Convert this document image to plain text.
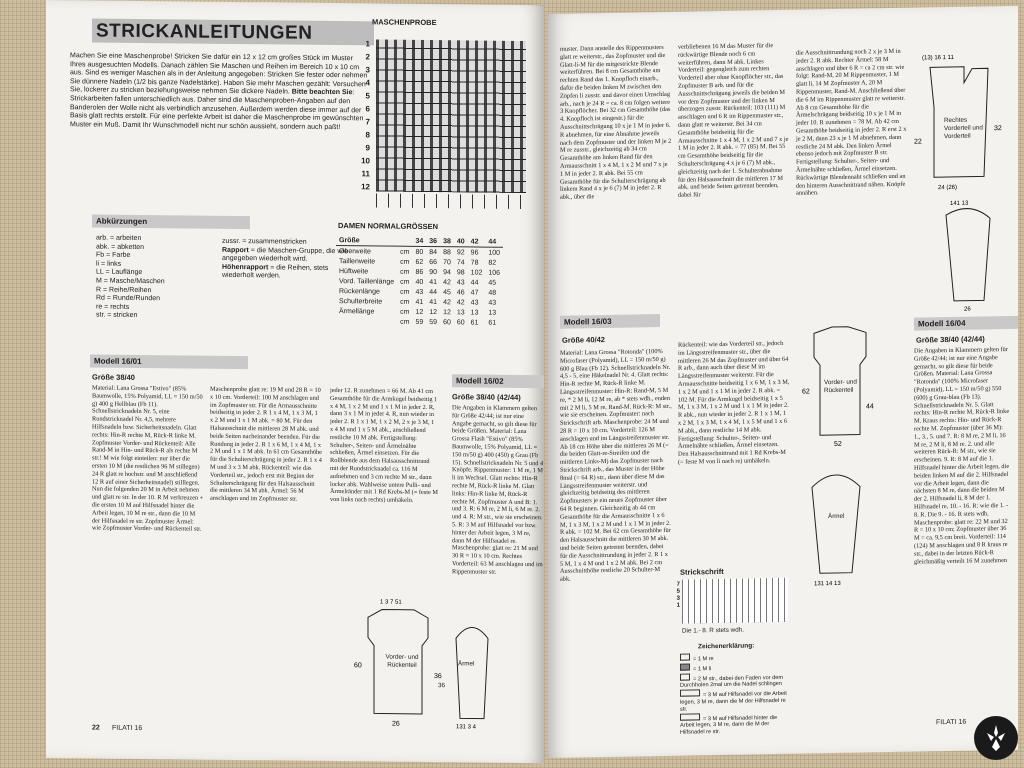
STRICKANLEITUNGEN
Machen Sie eine Maschenprobe! Stricken Sie dafür ein 12 x 12 cm großes Stück im Muster Ihres ausgesuchten Modells. Danach zählen Sie Maschen und Reihen im Bereich 10 x 10 cm aus. Sind es weniger Maschen als in der Anleitung angegeben: Stricken Sie fester oder nehmen Sie dünnere Nadeln (1/2 bis ganze Nadelstärke). Haben Sie mehr Maschen gezählt: Versuchen Sie, lockerer zu stricken beziehungsweise nehmen Sie dickere Nadeln. Bitte beachten Sie: Strickarbeiten fallen unterschiedlich aus. Daher sind die Maschenproben-Angaben auf den Banderolen der Wolle nicht als verbindlich anzusehen. Außerdem werden diese immer auf der Basis glatt rechts erstellt. Für eine perfekte Arbeit ist daher die Maschenprobe im gewünschten Muster ein Muß. Damit Ihr Wunschmodell nicht nur schön aussieht, sondern auch paßt!
MASCHENPROBE
1
2
3
4
5
6
7
8
9
10
11
12
Abkürzungen
arb. = arbeiten
abk. = abketten
Fb = Farbe
li = links
LL = Lauflänge
M = Masche/Maschen
R = Reihe/Reihen
Rd = Runde/Runden
re = rechts
str. = stricken
zussr. = zusammenstricken
Rapport = die Maschen-Gruppe, die wie angegeben wiederholt wird.
Höhenrapport = die Reihen, stets wiederholt werden.
DAMEN NORMALGRÖSSEN
Größe		34	36	38	40	42	44
Oberweite	cm	80	84	88	92	96	100
Taillenweite	cm	62	66	70	74	78	82
Hüftweite	cm	86	90	94	98	102	106
Vord. Taillenlänge	cm	40	41	42	43	44	45
Rückenlänge	cm	43	44	45	46	47	48
Schulterbreite	cm	41	41	42	42	43	43
Ärmellänge	cm	12	12	12	13	13	13
	cm	59	59	60	60	61	61
Modell 16/01
Größe 38/40
Material: Lana Grossa "Estivo" (85% Baumwolle, 15% Polyamid, LL = 150 m/50 g) 400 g Hellblau (Fb 11). Schnellstricknadeln Nr. 5, eine Rundstricknadel Nr. 4,5, mehrere Hilfsnadeln bzw. Sicherheitsnadeln. Glatt rechts: Hin-R rechte M, Rück-R linke M. Zopfmuster Vorder- und Rückenteil: Alle Rand-M in Hin- und Rück-R als rechte M str.! M wie folgt einteilen: nur über die ersten 10 M (die restlichen 96 M stillegen) 24 R glatt re hochstr. und M anschließend 12 R auf einer Sicherheitsnadel) stilllegen. Nun die folgenden 20 M in Arbeit nehmen und glatt re str. In der 10. R M verkreuzen + die ersten 10 M auf Hilfsnadel hinter die Arbeit legen, 10 M re str., dann die 10 M der Hilfsnadel re str. Zopfmuster Ärmel: wie Zopfmuster Vorder- und Rückenteil str.
Maschenprobe glatt re: 19 M und 28 R = 10 x 10 cm. Vorderteil: 100 M anschlagen und im Zopfmuster str. Für die Armausschnitte beidseitig in jeder 2. R 1 x 4 M, 1 x 3 M, 1 x 2 M und 1 x 1 M abk. = 80 M. Für den Halsausschnitt die mittleren 28 M abk. und beide Seiten nacheinander beenden. Für die Rundung in jeder 2. R 1 x 6 M, 1 x 4 M, 1 x 2 M und 1 x 1 M abk. In 61 cm Gesamthöhe für die Schulterschrägung in jeder 2. R 1 x 4 M und 3 x 3 M abk. Rückenteil: wie das Vorderteil str., jedoch erst mit Beginn der Schulterschrägung für den Halsausschnitt die mittleren 34 M abk. Ärmel: 56 M anschlagen und im Zopfmuster str.
jeder 12. R zunehmen = 66 M. Ab 41 cm Gesamthöhe für die Armkugel beidseitig 1 x 4 M, 1 x 2 M und 1 x 1 M in jeder 2. R, dann 3 x 1 M in jeder 4. R, nun wieder in jeder 2. R 1 x 1 M, 1 x 2 M, 2 x je 3 M, 1 x 4 M und 1 x 5 M abk., anschließend restliche 10 M abk. Fertigstellung: Schulter-, Seiten- und Ärmelnähte schließen, Ärmel einsetzen. Für die Rollblende aus dem Halsausschnittrand mit der Rundstricknadel ca. 116 M aufnehmen und 3 cm rechte M str., dann locker abk. Wahlweise untere Pulli- und Ärmelränder mit 1 Rd Krebs-M (= feste M von links nach rechts) umhäkeln.
Modell 16/02
Größe 38/40 (42/44)
Die Angaben in Klammern gelten für Größe 42/44; ist nur eine Angabe gemacht, so gilt diese für beide Größen. Material: Lana Grossa Flash "Estivo" (85% Baumwolle, 15% Polyamid, LL = 150 m/50 g) 400 (450) g Grau (Fb 15). Schnellstricknadeln Nr. 5 und 4 Knöpfe. Rippenmuster: 1 M re, 1 M li im Wechsel. Glatt rechts: Hin-R rechte M, Rück-R linke M. Glatt links: Hin-R linke M, Rück-R rechte M. Zopfmuster A und B: 1. und 3. R: 6 M re, 2 M li, 6 M re. 2. und 4. R: M str., wie sie erscheinen. 5. R: 3 M auf Hilfsnadel vor bzw. hinter der Arbeit legen, 3 M re, dann M der Hilfsnadel re. Maschenprobe: glatt re: 21 M und 30 R = 10 x 10 cm. Rechtes Vorderteil: 63 M anschlagen und im Rippenmuster str.
1 3 7 51
60
36
26
Vorder- und Rückenteil
131 3 4
Ärmel
36
22 FILATI 16
muster. Dann anstelle des Rippenmusters glatt re weiterstr., das Zopfmuster und die Glatt-li-M für die mitgestrickte Blende weiterführen. Bei 8 cm Gesamthöhe am rechten Rand das 1. Knopfloch einarb., dafür die beiden linken M zwischen den Zöpfen li zusstr. und davor einen Umschlag arb., nach je 24 R = ca. 8 cm folgen weitere 3 Knopflöcher. Bei 32 cm Gesamthöhe (das 4. Knopfloch ist eingestr.) für die Ausschnittschrägung 10 x je 1 M in jeder 6. R abnehmen, für eine Abnahme jeweils nach dem Zopfmuster und der linken M je 2 M re zusstr., gleichzeitig ab 34 cm Gesamthöhe am linken Rand für den Armausschnitt 1 x 4 M, 1 x 2 M und 7 x je 1 M in jeder 2. R abk. Bei 55 cm Gesamthöhe für die Schulterschrägung ab linkem Rand 4 x je 6 (7) M in jeder 2. R abk., über die
verbliebenen 16 M das Muster für die rückwärtige Blende noch 6 cm weiterführen, dann M abk. Linkes Vorderteil: gegengleich zum rechten Vorderteil aber ohne Knopflöcher str., das Zopfmuster B arb. und für die Ausschnittschrägung jeweils die beiden M vor dem Zopfmuster und der linken M überzogen zusstr. Rückenteil: 103 (111) M anschlagen und 6 R im Rippenmuster str., dann glatt re weiterstr. Bei 34 cm Gesamthöhe beidseitig für die Armausschnitte 1 x 4 M, 1 x 2 M und 7 x je 1 M in jeder 2. R abk. = 77 (85) M. Bei 55 cm Gesamthöhe beidseitig für die Schulterschrägung 4 x je 6 (7) M abk., gleichzeitig nach der 1. Schulterabnahme für den Halsausschnitt die mittleren 17 M abk. und beide Seiten getrennt beenden, dabei für
die Ausschnittrundung noch 2 x je 3 M in jeder 2. R abk. Rechter Ärmel: 58 M anschlagen und über 6 R = ca 2 cm str. wie folgt: Rand-M, 20 M Rippenmuster, 1 M glatt li, 14 M Zopfmuster A, 20 M Rippenmuster, Rand-M. Anschließend über die 6 M im Rippenmuster glatt re weiterstr. Ab 8 cm Gesamthöhe für die Ärmelschrägung beidseitig 10 x je 1 M in jeder 10. R zunehmen = 78 M. Ab 42 cm Gesamthöhe beidseitig in jeder 2. R erst 2 x je 2 M, dann 23 x je 1 M abnehmen, dann restliche 24 M abk. Den linken Ärmel ebenso jedoch mit Zopfmuster B str. Fertigstellung: Schulter-, Seiten- und Ärmelnähte schließen, Ärmel einsetzen. Rückwärtige Blendennaht schließen und an den hinteren Ausschnittrand nähen. Knöpfe annähen.
(13) 16 1 11
22
32
24 (26)
Rechtes Vorderteil und Vorderteil
141 13
26
Modell 16/03
Größe 40/42
Material: Lana Grossa "Rotonda" (100% Microfaser (Polyamid), LL = 150 m/50 g) 600 g Blau (Fb 12). Schnellstricknadeln Nr. 4,5 - 5, eine Häkelnadel Nr. 4. Glatt rechts: Hin-R rechte M, Rück-R linke M. Längsstreifenmuster: Hin-R: Rand-M, 5 M re, * 2 M li, 12 M re, ab * stets wdh., enden mit 2 M li, 5 M re, Rand-M. Rück-R: M str., wie sie erscheinen. Zopfmuster: nach Strickschrift arb. Maschenprobe: 24 M und 28 R = 10 x 10 cm. Vorderteil: 126 M anschlagen und im Längsstreifenmuster str. Ab 18 cm Höhe über die mittleren 26 M (= die beiden Glatt-re-Streifen und die mittleren Links-M) das Zopfmuster nach Strickschrift arb., das Muster in der Höhe 8mal (= 64 R) str., dann über diese M das Längsstreifenmuster weiterstr. und gleichzeitig beidseitig des mittleren Zopfmusters je ein neues Zopfmuster über 64 R beginnen. Gleichzeitig ab 44 cm Gesamthöhe für die Armausschnitte 1 x 6 M, 1 x 3 M, 1 x 2 M und 1 x 1 M in jeder 2. R abk. = 102 M. Bei 62 cm Gesamthöhe für den Halsausschnitt die mittleren 30 M abk. und beide Seiten getrennt beenden, dabei für die Ausschnittrundung in jeder 2. R 1 x 5 M, 1 x 4 M und 1 x 2 M abk. Bei 2 cm Ausschnitthöhe restliche 20 Schulter-M abk.
Rückenteil: wie das Vorderteil str., jedoch im Längsstreifenmuster str., über die mittleren 26 M das Zopfmuster und über 64 R arb., dann auch über diese M im Längsstreifenmuster weiterstr. Für die Armausschnitte beidseitig 1 x 6 M, 1 x 3 M, 1 x 2 M und 1 x 1 M in jeder 2. R abk. = 102 M. Für die Armkugel beidseitig 1 x 5 M, 1 x 3 M, 1 x 2 M und 1 x 1 M in jeder 2. R abk., nun wieder in jeder 2. R 1 x 1 M, 1 x 2 M, 1 x 3 M, 1 x 4 M, 1 x 5 M und 1 x 6 M abk., dann restliche 14 M abk. Fertigstellung: Schulter-, Seiten- und Ärmelnähte schließen, Ärmel einsetzen. Den Halsausschnittrand mit 1 Rd Krebs-M (= feste M von li nach re) umhäkeln.
Strickschrift
7
5
3
1
Die 1.- 8. R stets wdh.
Zeichenerklärung:
= 1 M re
= 1 M li
= 2 M str., dabei den Faden vor dem Durchholen 2mal um die Nadel schlingen
= 3 M auf Hilfsnadel vor die Arbeit legen, 3 M re, dann die M der Hilfsnadel re str.
= 3 M auf Hilfsnadel hinter die Arbeit legen, 3 M re, dann die M der Hilfsnadel re str.
62
44
52
Vorder- und Rückenteil
131 14 13
Ärmel
Modell 16/04
Größe 38/40 (42/44)
Die Angaben in Klammern gelten für Größe 42/44; ist nur eine Angabe gemacht, so gilt diese für beide Größen. Material: Lana Grossa "Rotonda" (100% Microfaser (Polyamid), LL = 150 m/50 g) 550 (600) g Grau-blau (Fb 13). Schnellstricknadeln Nr. 5. Glatt rechts: Hin-R rechte M, Rück-R linke M. Kraus rechts: Hin- und Rück-R rechte M. Zopfmuster (über 36 M): 1., 3., 5. und 7. R: 8 M re, 2 M li, 16 M re, 2 M li, 8 M re. 2. und alle weiteren Rück-R: M str., wie sie erscheinen. 9. R: 8 M auf die 1. Hilfsnadel hinter die Arbeit legen, die beiden linken M auf die 2. Hilfsnadel vor die Arbeit legen, dann die nächsten 8 M re, dann die beiden M der 2. Hilfsnadel li, 8 M der 1. Hilfsnadel re, 10. - 16. R: wie die 1. - 8. R. Die 9. - 16. R stets wdh. Maschenprobe: glatt re: 22 M und 32 R = 10 x 10 cm; Zopfmuster über 36 M = ca. 9,5 cm breit. Vorderteil: 114 (124) M anschlagen und 8 R kraus re str., dabei in der letzten Rück-R gleichmäßig verteilt 16 M zunehmen
FILATI 16
